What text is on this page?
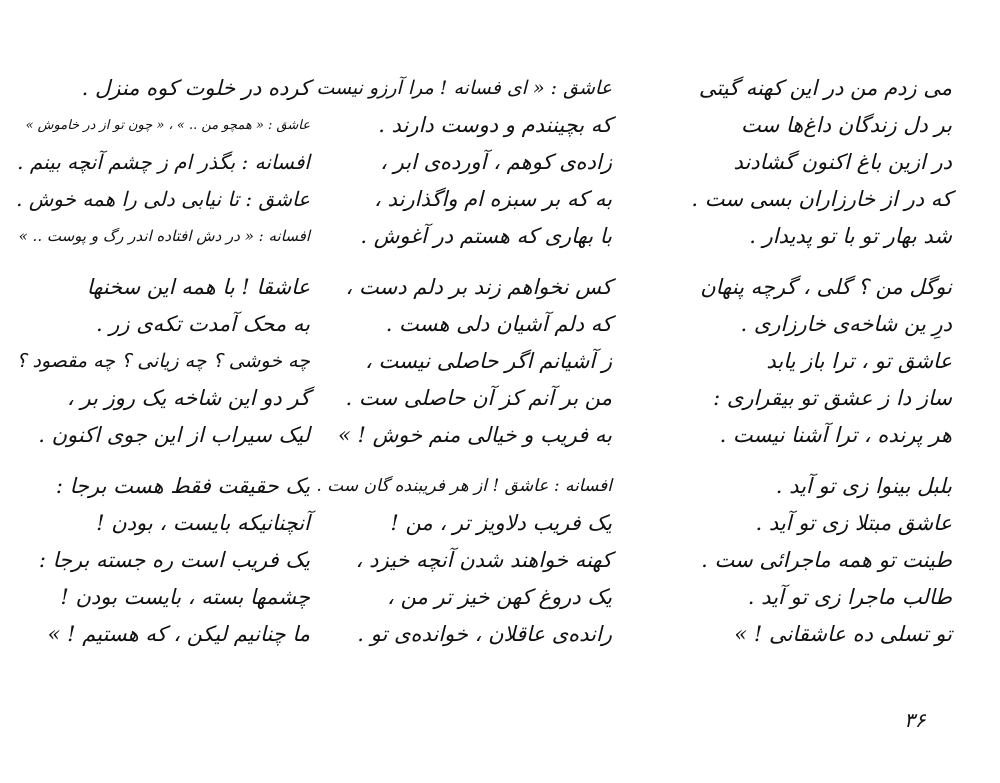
می زدم من در این کهنه گیتی
بر دل زندگان داغ‌ها ست
در ازین باغ اکنون گشادند
که در از خارزاران بسی ست .
شد بهار تو با تو پدیدار .
نوگل من ؟ گلی ، گرچه پنهان
درِ ین شاخه‌ی خارزاری .
عاشق تو ، ترا باز یابد
ساز دا ز عشق تو بیقراری :
هر پرنده ، ترا آشنا نیست .
بلبل بینوا زی تو آید .
عاشق مبتلا زی تو آید .
طینت تو همه ماجرائی ست .
طالب ماجرا زی تو آید .
تو تسلی ده عاشقانی ! »
عاشق : « ای فسانه ! مرا آرزو نیست
که بچینندم و دوست دارند .
زاده‌ی کوهم ، آورده‌ی ابر ،
به که بر سبزه ام واگذارند ،
با بهاری که هستم در آغوش .
کس نخواهم زند بر دلم دست ،
که دلم آشیان دلی هست .
ز آشیانم اگر حاصلی نیست ،
من بر آنم کز آن حاصلی ست .
به فریب و خیالی منم خوش ! »
افسانه : عاشق ! از هر فریبنده گان ست .
یک فریب دلاویز تر ، من !
کهنه خواهند شدن آنچه خیزد ،
یک دروغ کهن خیز تر من ،
رانده‌ی عاقلان ، خوانده‌ی تو .
کرده در خلوت کوه منزل .
عاشق : « همچو من .. » ، « چون تو از در خاموش »
افسانه : بگذر ام ز چشم آنچه بینم .
عاشق : تا نیابی دلی را همه خوش .
افسانه : « در دش افتاده اندر رگ و پوست .. »
عاشقا ! با همه این سخنها
به محک آمدت تکه‌ی زر .
چه خوشی ؟ چه زیانی ؟ چه مقصود ؟
گر دو این شاخه یک روز بر ،
لیک سیراب از این جوی اکنون .
یک حقیقت فقط هست برجا :
آنچنانیکه بایست ، بودن !
یک فریب است ره جسته برجا :
چشمها بسته ، بایست بودن !
ما چنانیم لیکن ، که هستیم ! »
۳۶
